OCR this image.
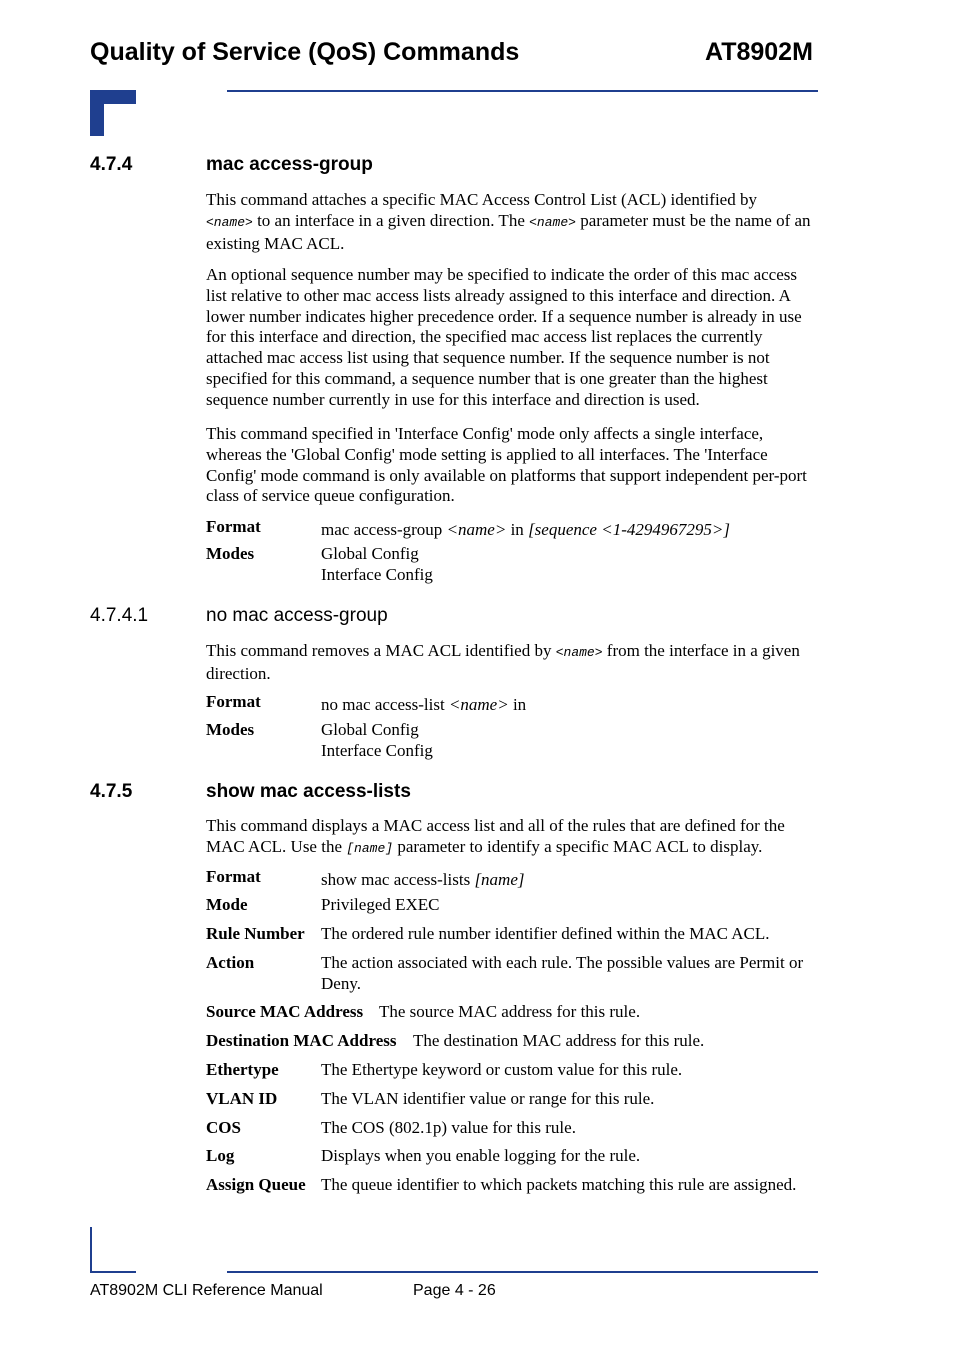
Quality of Service (QoS) Commands	AT8902M
4.7.4	mac access-group

This command attaches a specific MAC Access Control List (ACL) identified by
<name> to an interface in a given direction. The <name> parameter must be the name of an existing MAC ACL.

An optional sequence number may be specified to indicate the order of this mac access list relative to other mac access lists already assigned to this interface and direction. A lower number indicates higher precedence order. If a sequence number is already in use for this interface and direction, the specified mac access list replaces the currently attached mac access list using that sequence number. If the sequence number is not specified for this command, a sequence number that is one greater than the highest sequence number currently in use for this interface and direction is used.

This command specified in 'Interface Config' mode only affects a single interface, whereas the 'Global Config' mode setting is applied to all interfaces. The 'Interface Config' mode command is only available on platforms that support independent per-port class of service queue configuration.

Format	mac access-group <name> in [sequence <1-4294967295>]
Modes	Global Config
Interface Config
4.7.4.1	no mac access-group

This command removes a MAC ACL identified by <name> from the interface in a given direction.

Format	no mac access-list <name> in
Modes	Global Config
Interface Config
4.7.5	show mac access-lists

This command displays a MAC access list and all of the rules that are defined for the MAC ACL. Use the [name] parameter to identify a specific MAC ACL to display.

Format	show mac access-lists [name]
Mode	Privileged EXEC
Rule Number The ordered rule number identifier defined within the MAC ACL.
Action	The action associated with each rule. The possible values are Permit or Deny.
Source MAC Address The source MAC address for this rule.
Destination MAC Address The destination MAC address for this rule.
Ethertype The Ethertype keyword or custom value for this rule.
VLAN ID	The VLAN identifier value or range for this rule.
COS	The COS (802.1p) value for this rule.
Log	Displays when you enable logging for the rule.
Assign Queue The queue identifier to which packets matching this rule are assigned.
AT8902M CLI Reference Manual	Page 4 - 26
